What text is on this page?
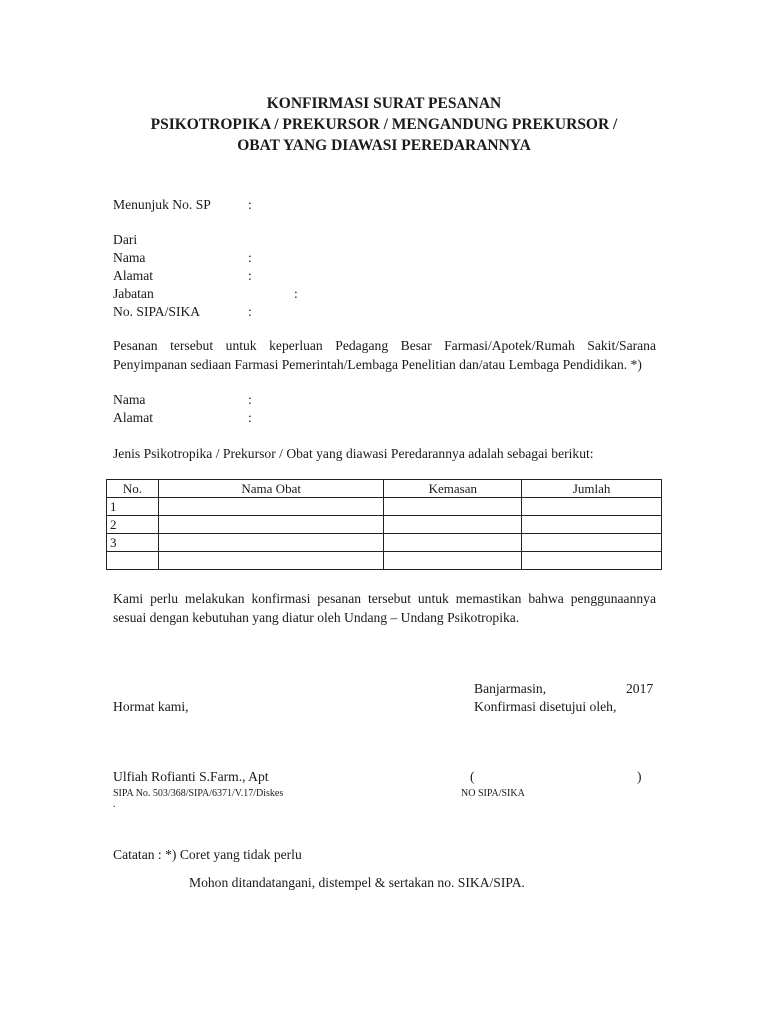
KONFIRMASI SURAT PESANAN
PSIKOTROPIKA / PREKURSOR / MENGANDUNG PREKURSOR /
OBAT YANG DIAWASI PEREDARANNYA
Menunjuk No. SP	:
Dari
Nama	:
Alamat	:
Jabatan	:
No. SIPA/SIKA	:
Pesanan tersebut untuk keperluan Pedagang Besar Farmasi/Apotek/Rumah Sakit/Sarana Penyimpanan sediaan Farmasi Pemerintah/Lembaga Penelitian dan/atau Lembaga Pendidikan. *)
Nama	:
Alamat	:
Jenis Psikotropika / Prekursor / Obat yang diawasi Peredarannya adalah sebagai berikut:
No.	Nama Obat	Kemasan	Jumlah
1			
2			
3			

Kami perlu melakukan konfirmasi pesanan tersebut untuk memastikan bahwa penggunaannya sesuai dengan kebutuhan yang diatur oleh Undang – Undang Psikotropika.
Banjarmasin,	2017
Hormat kami,	Konfirmasi disetujui oleh,
Ulfiah Rofianti S.Farm., Apt	(	)
SIPA No. 503/368/SIPA/6371/V.17/Diskes	NO SIPA/SIKA
.
Catatan : *) Coret yang tidak perlu
Mohon ditandatangani, distempel & sertakan no. SIKA/SIPA.
